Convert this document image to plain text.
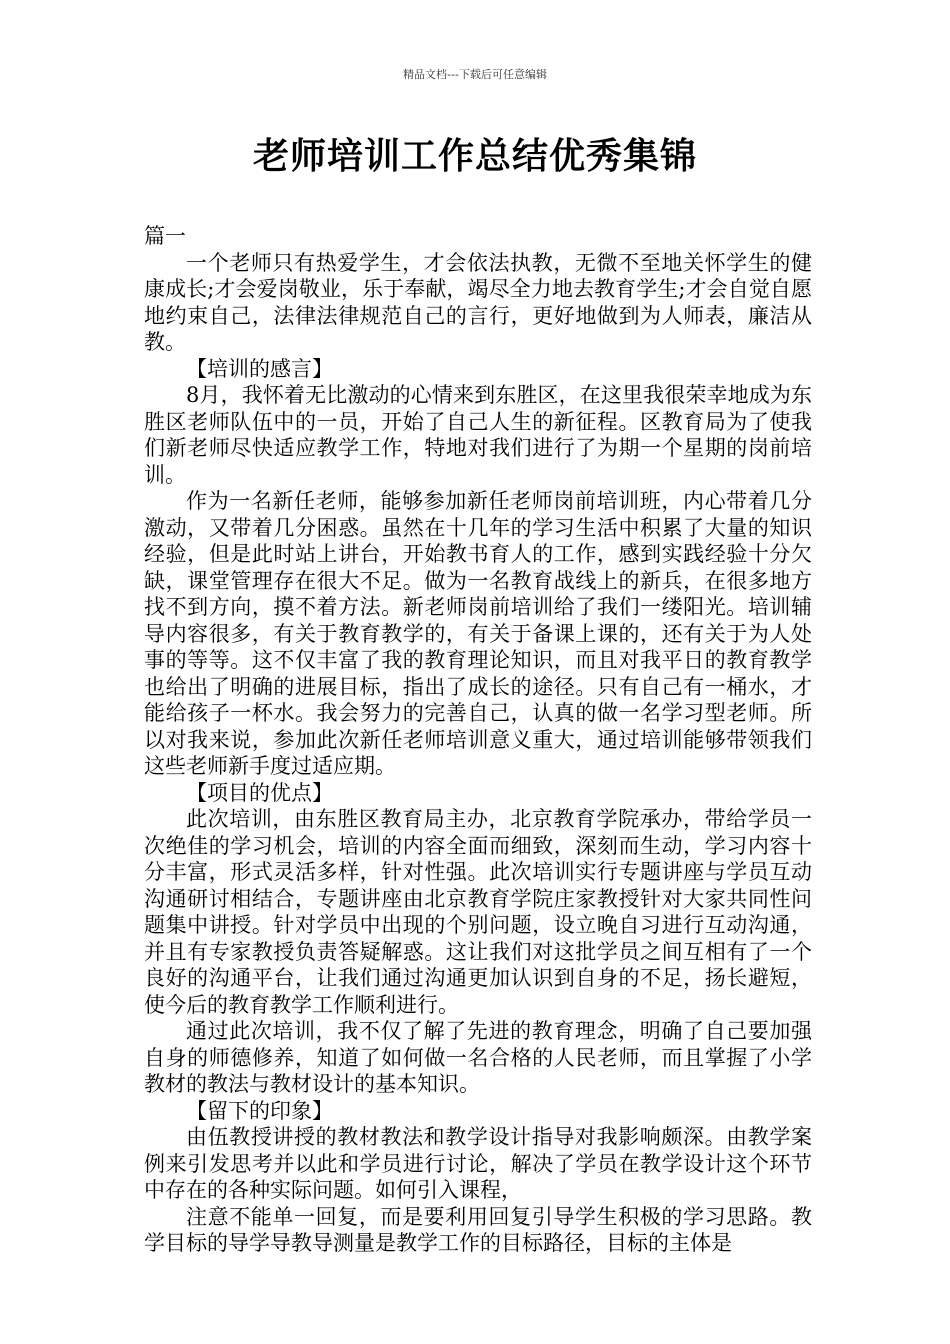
精品文档---下载后可任意编辑
老师培训工作总结优秀集锦

篇一

一个老师只有热爱学生，才会依法执教，无微不至地关怀学生的健康成长;才会爱岗敬业，乐于奉献，竭尽全力地去教育学生;才会自觉自愿地约束自己，法律法律规范自己的言行，更好地做到为人师表，廉洁从教。

【培训的感言】

8月，我怀着无比激动的心情来到东胜区，在这里我很荣幸地成为东胜区老师队伍中的一员，开始了自己人生的新征程。区教育局为了使我们新老师尽快适应教学工作，特地对我们进行了为期一个星期的岗前培训。

作为一名新任老师，能够参加新任老师岗前培训班，内心带着几分激动，又带着几分困惑。虽然在十几年的学习生活中积累了大量的知识经验，但是此时站上讲台，开始教书育人的工作，感到实践经验十分欠缺，课堂管理存在很大不足。做为一名教育战线上的新兵，在很多地方找不到方向，摸不着方法。新老师岗前培训给了我们一缕阳光。培训辅导内容很多，有关于教育教学的，有关于备课上课的，还有关于为人处事的等等。这不仅丰富了我的教育理论知识，而且对我平日的教育教学也给出了明确的进展目标，指出了成长的途径。只有自己有一桶水，才能给孩子一杯水。我会努力的完善自己，认真的做一名学习型老师。所以对我来说，参加此次新任老师培训意义重大，通过培训能够带领我们这些老师新手度过适应期。

【项目的优点】

此次培训，由东胜区教育局主办，北京教育学院承办，带给学员一次绝佳的学习机会，培训的内容全面而细致，深刻而生动，学习内容十分丰富，形式灵活多样，针对性强。此次培训实行专题讲座与学员互动沟通研讨相结合，专题讲座由北京教育学院庄家教授针对大家共同性问题集中讲授。针对学员中出现的个别问题，设立晚自习进行互动沟通，并且有专家教授负责答疑解惑。这让我们对这批学员之间互相有了一个良好的沟通平台，让我们通过沟通更加认识到自身的不足，扬长避短，使今后的教育教学工作顺利进行。

通过此次培训，我不仅了解了先进的教育理念，明确了自己要加强自身的师德修养，知道了如何做一名合格的人民老师，而且掌握了小学教材的教法与教材设计的基本知识。

【留下的印象】

由伍教授讲授的教材教法和教学设计指导对我影响颇深。由教学案例来引发思考并以此和学员进行讨论，解决了学员在教学设计这个环节中存在的各种实际问题。如何引入课程，

注意不能单一回复，而是要利用回复引导学生积极的学习思路。教学目标的导学导教导测量是教学工作的目标路径，目标的主体是
